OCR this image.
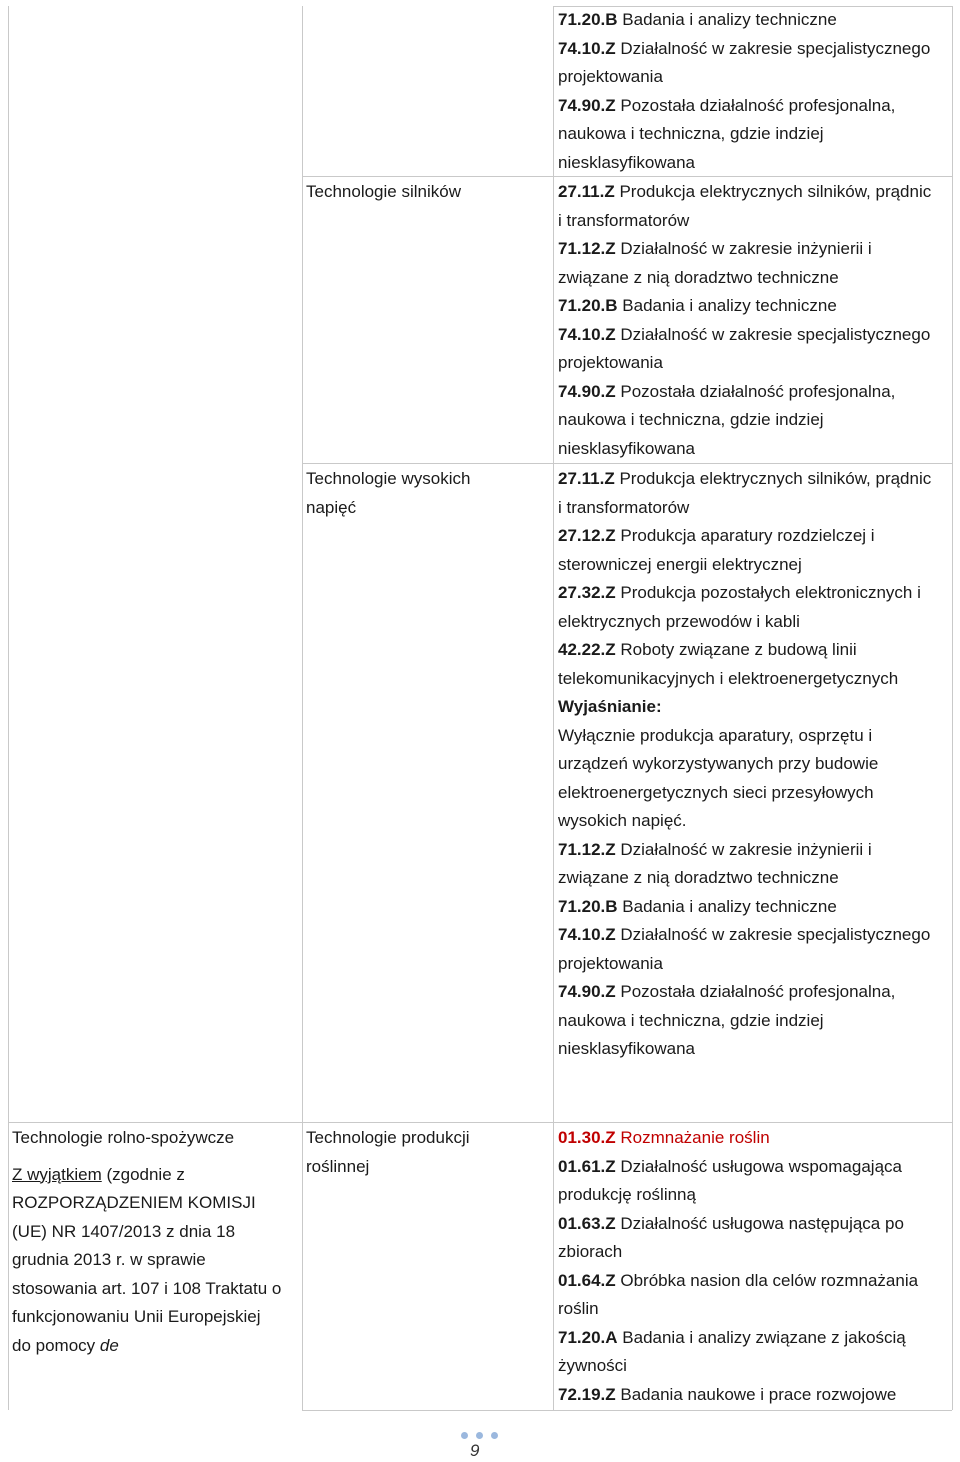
71.20.B Badania i analizy techniczne
74.10.Z Działalność w zakresie specjalistycznego projektowania
74.90.Z Pozostała działalność profesjonalna, naukowa i techniczna, gdzie indziej niesklasyfikowana
Technologie silników	27.11.Z Produkcja elektrycznych silników, prądnic i transformatorów
71.12.Z Działalność w zakresie inżynierii i związane z nią doradztwo techniczne
71.20.B Badania i analizy techniczne
74.10.Z Działalność w zakresie specjalistycznego projektowania
74.90.Z Pozostała działalność profesjonalna, naukowa i techniczna, gdzie indziej niesklasyfikowana
Technologie wysokich napięć
27.11.Z Produkcja elektrycznych silników, prądnic i transformatorów
27.12.Z Produkcja aparatury rozdzielczej i sterowniczej energii elektrycznej
27.32.Z Produkcja pozostałych elektronicznych i elektrycznych przewodów i kabli
42.22.Z Roboty związane z budową linii telekomunikacyjnych i elektroenergetycznych
Wyjaśnianie:
Wyłącznie produkcja aparatury, osprzętu i urządzeń wykorzystywanych przy budowie elektroenergetycznych sieci przesyłowych wysokich napięć.
71.12.Z Działalność w zakresie inżynierii i związane z nią doradztwo techniczne
71.20.B Badania i analizy techniczne
74.10.Z Działalność w zakresie specjalistycznego projektowania
74.90.Z Pozostała działalność profesjonalna, naukowa i techniczna, gdzie indziej niesklasyfikowana
Technologie rolno-spożywcze
Z wyjątkiem (zgodnie z ROZPORZĄDZENIEM KOMISJI (UE) NR 1407/2013 z dnia 18 grudnia 2013 r. w sprawie stosowania art. 107 i 108 Traktatu o funkcjonowaniu Unii Europejskiej do pomocy de
Technologie produkcji roślinnej
01.30.Z Rozmnażanie roślin
01.61.Z Działalność usługowa wspomagająca produkcję roślinną
01.63.Z Działalność usługowa następująca po zbiorach
01.64.Z Obróbka nasion dla celów rozmnażania roślin
71.20.A Badania i analizy związane z jakością żywności
72.19.Z Badania naukowe i prace rozwojowe
9
